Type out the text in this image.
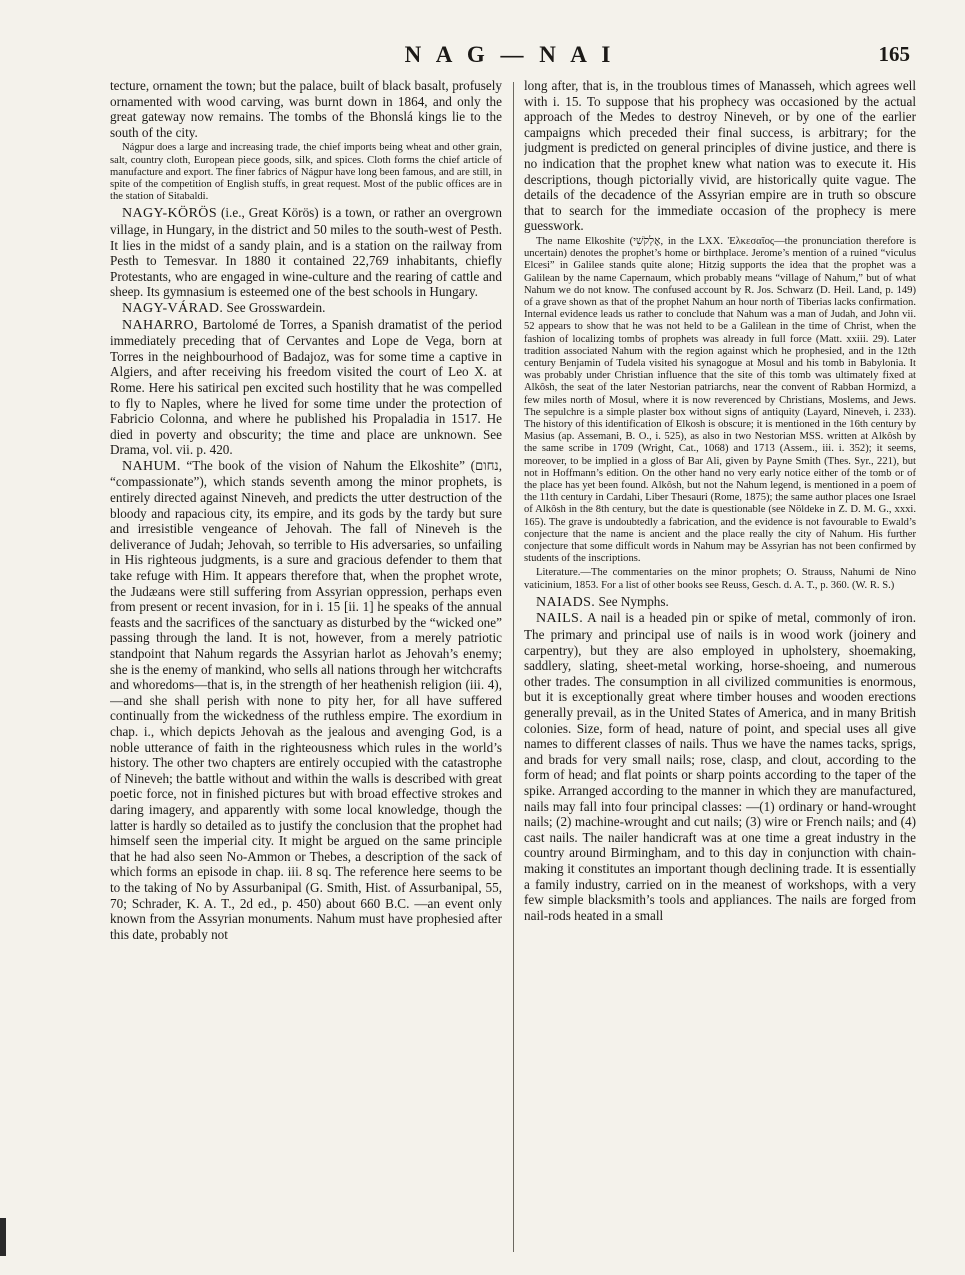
N A G — N A I	165

tecture, ornament the town; but the palace, built of black basalt, profusely ornamented with wood carving, was burnt down in 1864, and only the great gateway now remains. The tombs of the Bhonslá kings lie to the south of the city.

Nágpur does a large and increasing trade, the chief imports being wheat and other grain, salt, country cloth, European piece goods, silk, and spices. Cloth forms the chief article of manufacture and export. The finer fabrics of Nágpur have long been famous, and are still, in spite of the competition of English stuffs, in great request. Most of the public offices are in the station of Sitabaldi.

NAGY-KÖRÖS (i.e., Great Körös) is a town, or rather an overgrown village, in Hungary, in the district and 50 miles to the south-west of Pesth. It lies in the midst of a sandy plain, and is a station on the railway from Pesth to Temesvar. In 1880 it contained 22,769 inhabitants, chiefly Protestants, who are engaged in wine-culture and the rearing of cattle and sheep. Its gymnasium is esteemed one of the best schools in Hungary.

NAGY-VÁRAD. See Grosswardein.

NAHARRO, Bartolomé de Torres, a Spanish dramatist of the period immediately preceding that of Cervantes and Lope de Vega, born at Torres in the neighbourhood of Badajoz, was for some time a captive in Algiers, and after receiving his freedom visited the court of Leo X. at Rome. Here his satirical pen excited such hostility that he was compelled to fly to Naples, where he lived for some time under the protection of Fabricio Colonna, and where he published his Propaladia in 1517. He died in poverty and obscurity; the time and place are unknown. See Drama, vol. vii. p. 420.

NAHUM. “The book of the vision of Nahum the Elkoshite” (נחום, “compassionate”), which stands seventh among the minor prophets, is entirely directed against Nineveh, and predicts the utter destruction of the bloody and rapacious city, its empire, and its gods by the tardy but sure and irresistible vengeance of Jehovah. The fall of Nineveh is the deliverance of Judah; Jehovah, so terrible to His adversaries, so unfailing in His righteous judgments, is a sure and gracious defender to them that take refuge with Him. It appears therefore that, when the prophet wrote, the Judæans were still suffering from Assyrian oppression, perhaps even from present or recent invasion, for in i. 15 [ii. 1] he speaks of the annual feasts and the sacrifices of the sanctuary as disturbed by the “wicked one” passing through the land. It is not, however, from a merely patriotic standpoint that Nahum regards the Assyrian harlot as Jehovah’s enemy; she is the enemy of mankind, who sells all nations through her witchcrafts and whoredoms—that is, in the strength of her heathenish religion (iii. 4),—and she shall perish with none to pity her, for all have suffered continually from the wickedness of the ruthless empire. The exordium in chap. i., which depicts Jehovah as the jealous and avenging God, is a noble utterance of faith in the righteousness which rules in the world’s history. The other two chapters are entirely occupied with the catastrophe of Nineveh; the battle without and within the walls is described with great poetic force, not in finished pictures but with broad effective strokes and daring imagery, and apparently with some local knowledge, though the latter is hardly so detailed as to justify the conclusion that the prophet had himself seen the imperial city. It might be argued on the same principle that he had also seen No-Ammon or Thebes, a description of the sack of which forms an episode in chap. iii. 8 sq. The reference here seems to be to the taking of No by Assurbanipal (G. Smith, Hist. of Assurbanipal, 55, 70; Schrader, K. A. T., 2d ed., p. 450) about 660 B.C. —an event only known from the Assyrian monuments. Nahum must have prophesied after this date, probably not

long after, that is, in the troublous times of Manasseh, which agrees well with i. 15. To suppose that his prophecy was occasioned by the actual approach of the Medes to destroy Nineveh, or by one of the earlier campaigns which preceded their final success, is arbitrary; for the judgment is predicted on general principles of divine justice, and there is no indication that the prophet knew what nation was to execute it. His descriptions, though pictorially vivid, are historically quite vague. The details of the decadence of the Assyrian empire are in truth so obscure that to search for the immediate occasion of the prophecy is mere guesswork.

The name Elkoshite (אֶלְקֹשִׁי, in the LXX. Ἐλκεσαῖος—the pronunciation therefore is uncertain) denotes the prophet’s home or birthplace. Jerome’s mention of a ruined “viculus Elcesi” in Galilee stands quite alone; Hitzig supports the idea that the prophet was a Galilean by the name Capernaum, which probably means “village of Nahum,” but of what Nahum we do not know. The confused account by R. Jos. Schwarz (D. Heil. Land, p. 149) of a grave shown as that of the prophet Nahum an hour north of Tiberias lacks confirmation. Internal evidence leads us rather to conclude that Nahum was a man of Judah, and John vii. 52 appears to show that he was not held to be a Galilean in the time of Christ, when the fashion of localizing tombs of prophets was already in full force (Matt. xxiii. 29). Later tradition associated Nahum with the region against which he prophesied, and in the 12th century Benjamin of Tudela visited his synagogue at Mosul and his tomb in Babylonia. It was probably under Christian influence that the site of this tomb was ultimately fixed at Alkôsh, the seat of the later Nestorian patriarchs, near the convent of Rabban Hormizd, a few miles north of Mosul, where it is now reverenced by Christians, Moslems, and Jews. The sepulchre is a simple plaster box without signs of antiquity (Layard, Nineveh, i. 233). The history of this identification of Elkosh is obscure; it is mentioned in the 16th century by Masius (ap. Assemani, B. O., i. 525), as also in two Nestorian MSS. written at Alkôsh by the same scribe in 1709 (Wright, Cat., 1068) and 1713 (Assem., iii. i. 352); it seems, moreover, to be implied in a gloss of Bar Ali, given by Payne Smith (Thes. Syr., 221), but not in Hoffmann’s edition. On the other hand no very early notice either of the tomb or of the place has yet been found. Alkôsh, but not the Nahum legend, is mentioned in a poem of the 11th century in Cardahi, Liber Thesauri (Rome, 1875); the same author places one Israel of Alkôsh in the 8th century, but the date is questionable (see Nöldeke in Z. D. M. G., xxxi. 165). The grave is undoubtedly a fabrication, and the evidence is not favourable to Ewald’s conjecture that the name is ancient and the place really the city of Nahum. His further conjecture that some difficult words in Nahum may be Assyrian has not been confirmed by students of the inscriptions.

Literature.—The commentaries on the minor prophets; O. Strauss, Nahumi de Nino vaticinium, 1853. For a list of other books see Reuss, Gesch. d. A. T., p. 360. (W. R. S.)

NAIADS. See Nymphs.

NAILS. A nail is a headed pin or spike of metal, commonly of iron. The primary and principal use of nails is in wood work (joinery and carpentry), but they are also employed in upholstery, shoemaking, saddlery, slating, sheet-metal working, horse-shoeing, and numerous other trades. The consumption in all civilized communities is enormous, but it is exceptionally great where timber houses and wooden erections generally prevail, as in the United States of America, and in many British colonies. Size, form of head, nature of point, and special uses all give names to different classes of nails. Thus we have the names tacks, sprigs, and brads for very small nails; rose, clasp, and clout, according to the form of head; and flat points or sharp points according to the taper of the spike. Arranged according to the manner in which they are manufactured, nails may fall into four principal classes: —(1) ordinary or hand-wrought nails; (2) machine-wrought and cut nails; (3) wire or French nails; and (4) cast nails. The nailer handicraft was at one time a great industry in the country around Birmingham, and to this day in conjunction with chain-making it constitutes an important though declining trade. It is essentially a family industry, carried on in the meanest of workshops, with a very few simple blacksmith’s tools and appliances. The nails are forged from nail-rods heated in a small
